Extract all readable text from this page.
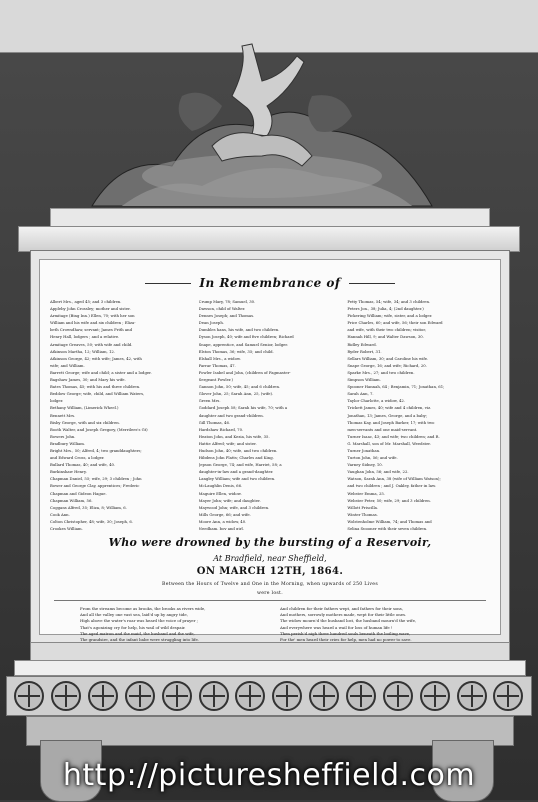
In Remembrance of
Albert Mrs., aged 45; and 3 children.
Appleby John Crossley; mother and sister.
Armitage (Bing Inn.) Ellen, 70; with her son
William and his wife and six children ; Eliza-
beth Crowsdhaw, servant; James Frith and
Henry Hall, lodgers ; and a relative.
Armitage Greaves, 50; with wife and child.
Atkinson Martha, 12; William, 12.
Atkinson George, 42; with wife; James, 42, with
wife; and William.
Barrett George; wife and child; a sister and a lodger.
Bagshaw James, 30; and Mary his wife.
Bates Thomas, 45; with his and three children.
Beddow George; wife, child, and William Waters,
lodger.
Bethany William, (Limerick Wheel.)
Bennett Mrs.
Bisby George, with and six children.
Booth Walter, and Joseph Gregory, (Merrilees's Gt)
Bowers John.
Bradbury William.
Bright Mrs., 50; Alfred, 4; two granddaughters;
and Edward Cross, a lodger.
Bullard Thomas, 40; and wife, 40.
Burkinshaw Henry.
Chapman Daniel, 55; wife, 29; 3 children ; John
Bower and George Clay, apprentices; Frederic
Chapman and Gideon Hague.
Chapman William, 56.
Coggans Alfred, 35; Eliza, 8; William, 6.
Cook Ann.
Colton Christopher, 48; wife, 30; Joseph, 6.
Crookes William.
Crump Mary, 78; Samuel, 30.
Dawson, child of Walter.
Dennes Joseph; and Thomas.
Dean Joseph.
Dumbles hans, his wife, and two children.
Dyson Joseph, 40; wife and five children; Richard
Snape, apprentice, and Samuel Senior, lodger.
Elston Thomas, 36; wife, 35; and child.
Elshall Mrs., a widow.
Farrar Thomas, 47.
Fowler Isabel and John, (children of Fagmaster-
Sergeant Fowler.)
Gannon John, 50; wife, 45; and 6 children.
Glover John, 25; Sarah Ann, 25, (wife).
Green Mrs.
Goddard Joseph 58; Sarah his wife, 70; with a
daughter and two grand-children.
Gill Thomas, 46.
Hardshaw Richard, 70.
Heaton John, and Kezia, his wife, 35.
Hattie Alfred; wife; and sister.
Hudson John, 40; wife, and two children.
Hibdens John Platts; Charles and King.
Jepson George, 74; and wife, Harriet, 58; a
daughter-in-law and a grand-daughter.
Langley William; wife and two children.
McLaughlin Denis, 66.
Maguire Ellen, widow.
Mayer John; wife; and daughter.
Maywood John; wife, and 3 children.
Mills George, 66; and wife.
Moore Ann, a widow, 40.
Needham, boy and girl.
Petty Thomas, 54; wife, 34; and 3 children.
Peters Jon., 38; Julia, 4; (2nd daughter.)
Pickering William; wife, sister, and a lodger.
Price Charles, 60; and wife, 56; their son Edward
and wife, with their two children; visitor,
Hannah Hill, 9; and Walter Dawson, 30.
Ridley Edward.
Ryder Robert, 31.
Sellars William, 30; and Caroline his wife.
Snape George, 16; and wife; Richard, 20.
Sparke Mrs., 27; and two children.
Simpson William.
Spooner Hannah, 64 ; Benjamin, 71; Jonathan, 61;
Sarah Ann, 7.
Taylor Charlotte, a widow, 42.
Trickett James, 40; wife and 4 children, viz.
Jonathan, 13; James, George, and a baby;
Thomas Kay, and Joseph Barker, 17; with two
men-servants and one maid-servant.
Turner Isaac, 43; and wife; two children; and R.
G. Marshall, son of Mr. Marshall, Weedster.
Turner Jonathan.
Turton John, 56; and wife.
Varney Sidney, 10.
Vaughan John, 56; and wife, 22.
Watson, Sarah Ann, 38 (wife of William Watson);
and two children ; and J. Oakley, father in law.
Webster Emma, 25.
Webster Peter, 50; wife, 29; and 3 children.
Willott Priscilla.
Winter Thomas.
Wolstenholme William, 74; and Thomas and
Selina Spooner with their seven children.
Who were drowned by the bursting of a Reservoir,
At Bradfield, near Sheffield,
ON MARCH 12TH, 1864.
Between the Hours of Twelve and One in the Morning, when upwards of 250 Lives
were lost.
From the streams become as brooks, the brooks as rivers wide,
And all the valley one vast sea, laid'd up by angry tide,
High above the water's roar was heard the voice of prayer ;
That's agonizing cry for help, his wail of wild despair.
The aged matron and the maid, the husband and the wife,
The grandsire, and the infant babe were struggling into life.
And children for their fathers wept, and fathers for their sons,
And mothers, sorrowly mothers made, wept for their little ones.
The widow mourn'd the husband lost, the husband mourn'd the wife,
And everywhere was heard a wail for loss of human life !
Then perish'd nigh three hundred souls beneath the boiling wave,
For the' men heard their cries for help, men had no power to save.
http://picturesheffield.com
